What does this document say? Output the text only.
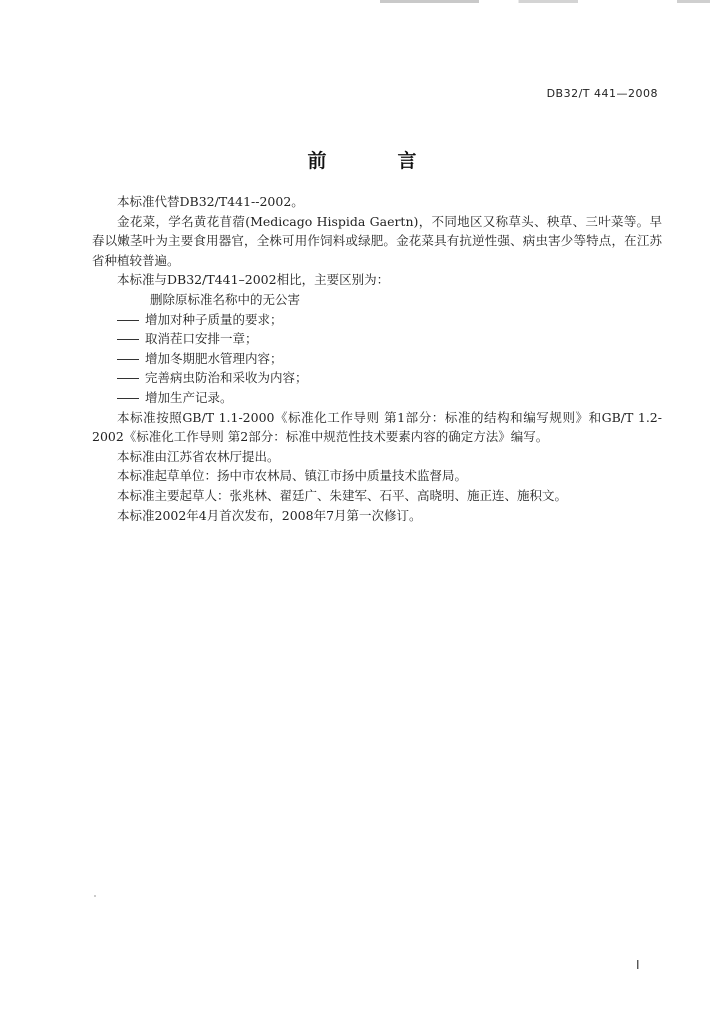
DB32/T 441—2008
前　言

本标准代替DB32/T441--2002。

金花菜，学名黄花苜蓿(Medicago Hispida Gaertn)，不同地区又称草头、秧草、三叶菜等。早春以嫩茎叶为主要食用器官，全株可用作饲料或绿肥。金花菜具有抗逆性强、病虫害少等特点，在江苏省种植较普遍。

本标准与DB32/T441–2002相比，主要区别为：

删除原标准名称中的无公害

增加对种子质量的要求；

取消茬口安排一章；

增加冬期肥水管理内容；

完善病虫防治和采收为内容；

增加生产记录。

本标准按照GB/T 1.1-2000《标准化工作导则 第1部分：标准的结构和编写规则》和GB/T 1.2-2002《标准化工作导则 第2部分：标准中规范性技术要素内容的确定方法》编写。

本标准由江苏省农林厅提出。

本标准起草单位：扬中市农林局、镇江市扬中质量技术监督局。

本标准主要起草人：张兆林、翟廷广、朱建军、石平、高晓明、施正连、施积文。

本标准2002年4月首次发布，2008年7月第一次修订。

I
